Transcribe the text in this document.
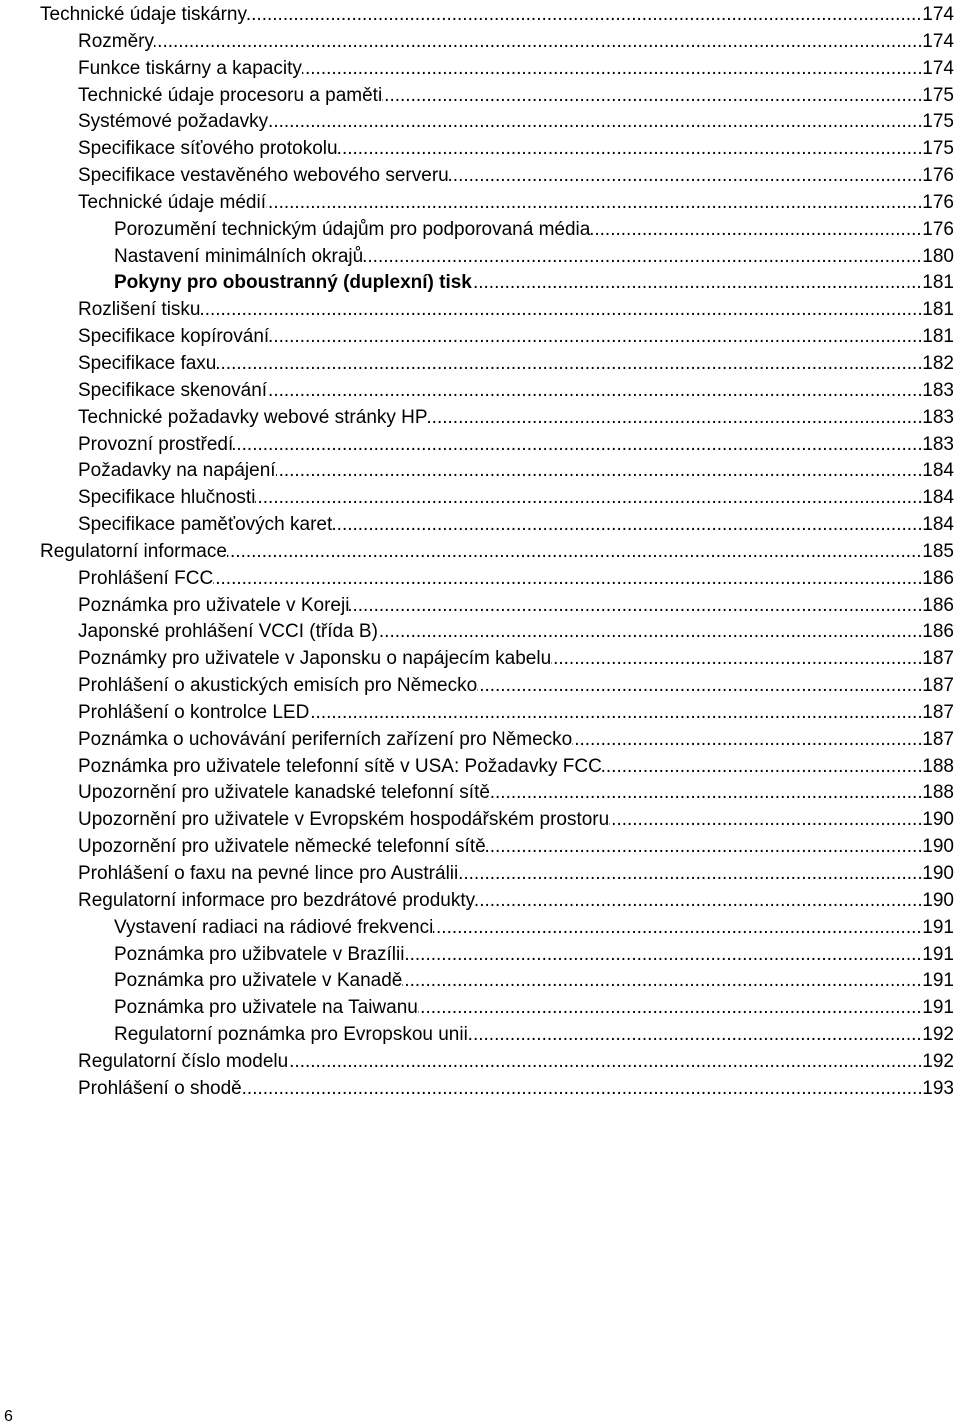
.....
Technické údaje tiskárny	174
.....
Rozměry	174
.....
Funkce tiskárny a kapacity	174
.....
Technické údaje procesoru a paměti	175
.....
Systémové požadavky	175
.....
Specifikace síťového protokolu	175
.....
Specifikace vestavěného webového serveru	176
.....
Technické údaje médií	176
.....
Porozumění technickým údajům pro podporovaná média	176
.....
Nastavení minimálních okrajů	180
.....
Pokyny pro oboustranný (duplexní) tisk	181
.....
Rozlišení tisku	181
.....
Specifikace kopírování	181
.....
Specifikace faxu	182
.....
Specifikace skenování	183
.....
Technické požadavky webové stránky HP	183
.....
Provozní prostředí	183
.....
Požadavky na napájení	184
.....
Specifikace hlučnosti	184
.....
Specifikace paměťových karet	184
.....
Regulatorní informace	185
.....
Prohlášení FCC	186
.....
Poznámka pro uživatele v Koreji	186
.....
Japonské prohlášení VCCI (třída B)	186
.....
Poznámky pro uživatele v Japonsku o napájecím kabelu	187
.....
Prohlášení o akustických emisích pro Německo	187
.....
Prohlášení o kontrolce LED	187
.....
Poznámka o uchovávání periferních zařízení pro Německo	187
.....
Poznámka pro uživatele telefonní sítě v USA: Požadavky FCC	188
.....
Upozornění pro uživatele kanadské telefonní sítě	188
.....
Upozornění pro uživatele v Evropském hospodářském prostoru	190
.....
Upozornění pro uživatele německé telefonní sítě	190
.....
Prohlášení o faxu na pevné lince pro Austrálii	190
.....
Regulatorní informace pro bezdrátové produkty	190
.....
Vystavení radiaci na rádiové frekvenci	191
.....
Poznámka pro užibvatele v Brazílii	191
.....
Poznámka pro uživatele v Kanadě	191
.....
Poznámka pro uživatele na Taiwanu	191
.....
Regulatorní poznámka pro Evropskou unii	192
.....
Regulatorní číslo modelu	192
.....
Prohlášení o shodě	193
6
